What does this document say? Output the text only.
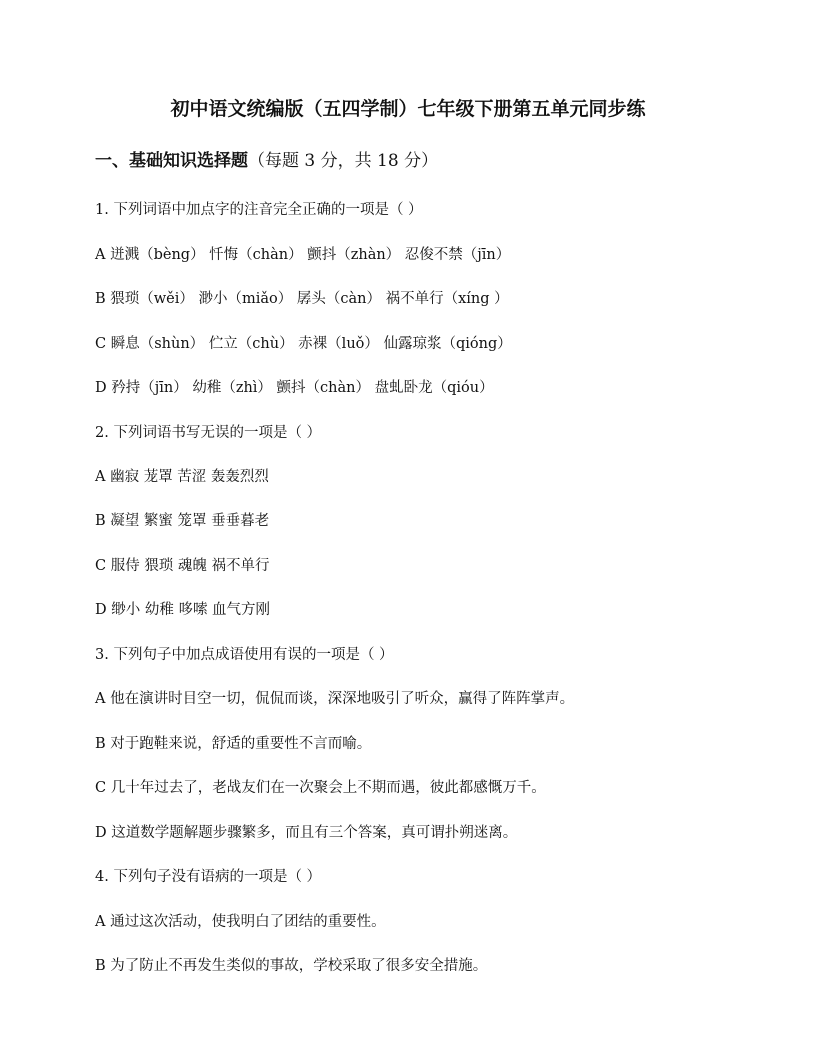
初中语文统编版（五四学制）七年级下册第五单元同步练
一、基础知识选择题（每题 3 分，共 18 分）
1. 下列词语中加点字的注音完全正确的一项是（ ）
A 迸溅（bèng） 忏悔（chàn） 颤抖（zhàn） 忍俊不禁（jīn）
B 猥琐（wěi） 渺小（miǎo） 孱头（càn） 祸不单行（xíng ）
C 瞬息（shùn） 伫立（chù） 赤裸（luǒ） 仙露琼浆（qióng）
D 矜持（jīn） 幼稚（zhì） 颤抖（chàn） 盘虬卧龙（qióu）
2. 下列词语书写无误的一项是（ ）
A 幽寂 茏罩 苦涩 轰轰烈烈
B 凝望 繁蜜 笼罩 垂垂暮老
C 服侍 猥琐 魂魄 祸不单行
D 缈小 幼稚 哆嗦 血气方刚
3. 下列句子中加点成语使用有误的一项是（ ）
A 他在演讲时目空一切，侃侃而谈，深深地吸引了听众，赢得了阵阵掌声。
B 对于跑鞋来说，舒适的重要性不言而喻。
C 几十年过去了，老战友们在一次聚会上不期而遇，彼此都感慨万千。
D 这道数学题解题步骤繁多，而且有三个答案，真可谓扑朔迷离。
4. 下列句子没有语病的一项是（ ）
A 通过这次活动，使我明白了团结的重要性。
B 为了防止不再发生类似的事故，学校采取了很多安全措施。
